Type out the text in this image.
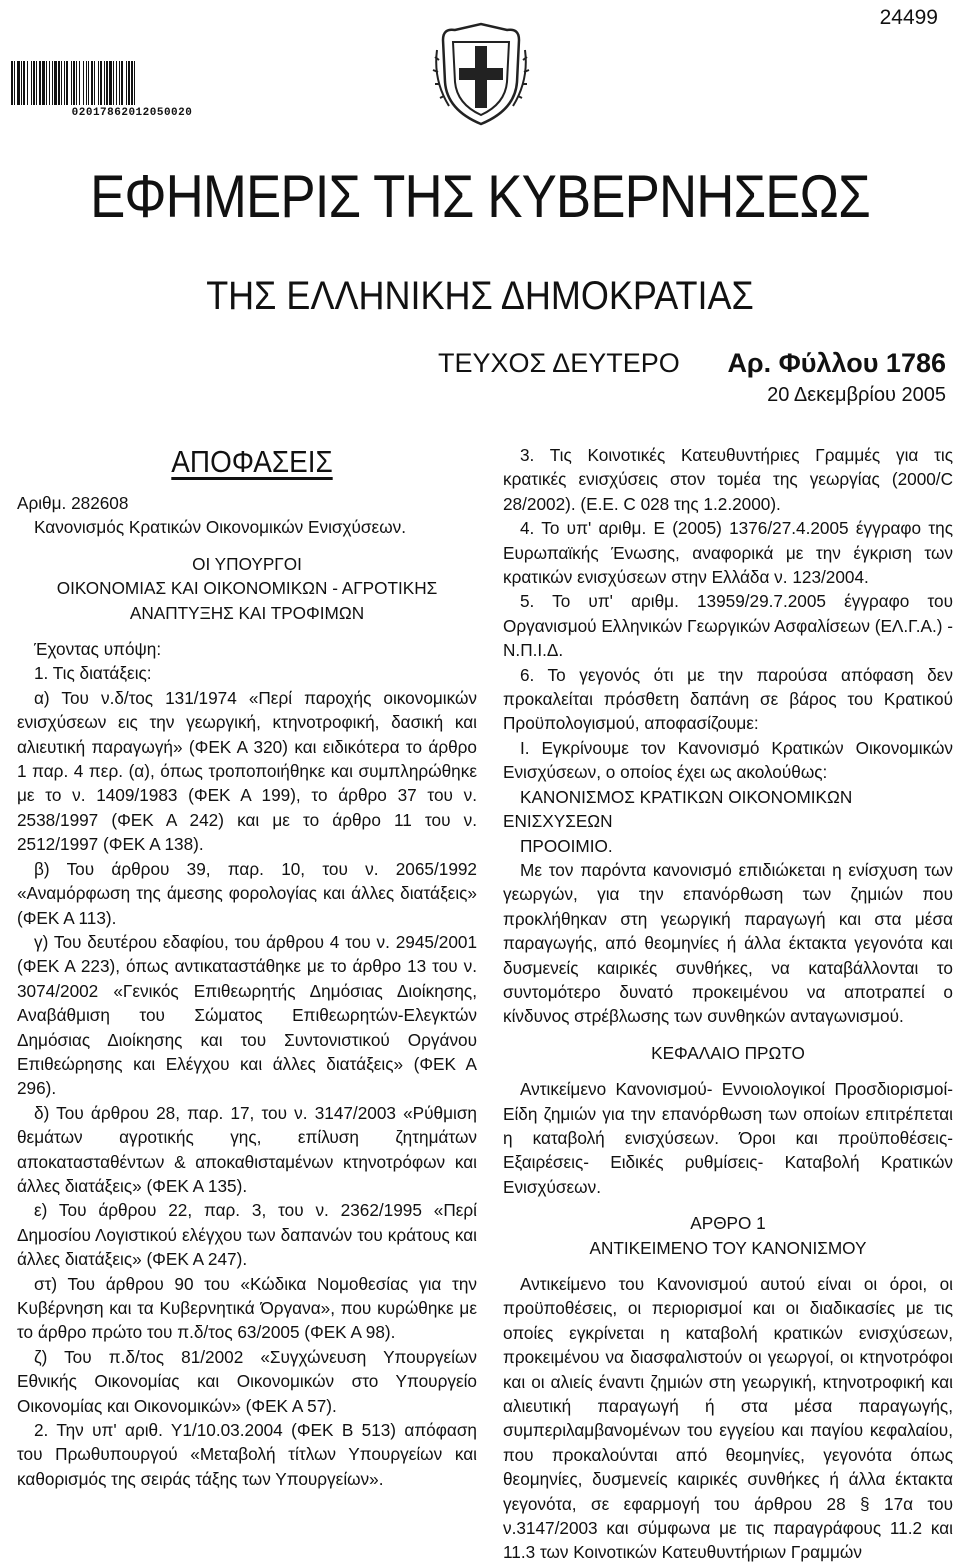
24499
02017862012050020
ΕΦΗΜΕΡΙΣ ΤΗΣ ΚΥΒΕΡΝΗΣΕΩΣ
ΤΗΣ ΕΛΛΗΝΙΚΗΣ ΔΗΜΟΚΡΑΤΙΑΣ
ΤΕΥΧΟΣ ΔΕΥΤΕΡΟ Αρ. Φύλλου 1786
20 Δεκεμβρίου 2005

ΑΠΟΦΑΣΕΙΣ

Αριθμ. 282608

Κανονισμός Κρατικών Οικονομικών Ενισχύσεων.

ΟΙ ΥΠΟΥΡΓΟΙ

ΟΙΚΟΝΟΜΙΑΣ ΚΑΙ ΟΙΚΟΝΟΜΙΚΩΝ - ΑΓΡΟΤΙΚΗΣ

ΑΝΑΠΤΥΞΗΣ ΚΑΙ ΤΡΟΦΙΜΩΝ

Έχοντας υπόψη:

1. Τις διατάξεις:

α) Του ν.δ/τος 131/1974 «Περί παροχής οικονομικών ενισχύσεων εις την γεωργική, κτηνοτροφική, δασική και αλιευτική παραγωγή» (ΦΕΚ Α 320) και ειδικότερα το άρθρο 1 παρ. 4 περ. (α), όπως τροποποιήθηκε και συμπληρώθηκε με το ν. 1409/1983 (ΦΕΚ Α 199), το άρθρο 37 του ν. 2538/1997 (ΦΕΚ Α 242) και με το άρθρο 11 του ν. 2512/1997 (ΦΕΚ Α 138).

β) Του άρθρου 39, παρ. 10, του ν. 2065/1992 «Αναμόρφωση της άμεσης φορολογίας και άλλες διατάξεις» (ΦΕΚ Α 113).

γ) Του δευτέρου εδαφίου, του άρθρου 4 του ν. 2945/2001 (ΦΕΚ Α 223), όπως αντικαταστάθηκε με το άρθρο 13 του ν. 3074/2002 «Γενικός Επιθεωρητής Δημόσιας Διοίκησης, Αναβάθμιση του Σώματος Επιθεωρητών-Ελεγκτών Δημόσιας Διοίκησης και του Συντονιστικού Οργάνου Επιθεώρησης και Ελέγχου και άλλες διατάξεις» (ΦΕΚ Α 296).

δ) Του άρθρου 28, παρ. 17, του ν. 3147/2003 «Ρύθμιση θεμάτων αγροτικής γης, επίλυση ζητημάτων αποκατασταθέντων & αποκαθισταμένων κτηνοτρόφων και άλλες διατάξεις» (ΦΕΚ Α 135).

ε) Του άρθρου 22, παρ. 3, του ν. 2362/1995 «Περί Δημοσίου Λογιστικού ελέγχου των δαπανών του κράτους και άλλες διατάξεις» (ΦΕΚ Α 247).

στ) Του άρθρου 90 του «Κώδικα Νομοθεσίας για την Κυβέρνηση και τα Κυβερνητικά Όργανα», που κυρώθηκε με το άρθρο πρώτο του π.δ/τος 63/2005 (ΦΕΚ Α 98).

ζ) Του π.δ/τος 81/2002 «Συγχώνευση Υπουργείων Εθνικής Οικονομίας και Οικονομικών στο Υπουργείο Οικονομίας και Οικονομικών» (ΦΕΚ Α 57).

2. Την υπ' αριθ. Υ1/10.03.2004 (ΦΕΚ Β 513) απόφαση του Πρωθυπουργού «Μεταβολή τίτλων Υπουργείων και καθορισμός της σειράς τάξης των Υπουργείων».

3. Τις Κοινοτικές Κατευθυντήριες Γραμμές για τις κρατικές ενισχύσεις στον τομέα της γεωργίας (2000/C 28/2002). (Ε.Ε. C 028 της 1.2.2000).

4. Το υπ' αριθμ. Ε (2005) 1376/27.4.2005 έγγραφο της Ευρωπαϊκής Ένωσης, αναφορικά με την έγκριση των κρατικών ενισχύσεων στην Ελλάδα ν. 123/2004.

5. Το υπ' αριθμ. 13959/29.7.2005 έγγραφο του Οργανισμού Ελληνικών Γεωργικών Ασφαλίσεων (ΕΛ.Γ.Α.) - Ν.Π.Ι.Δ.

6. Το γεγονός ότι με την παρούσα απόφαση δεν προκαλείται πρόσθετη δαπάνη σε βάρος του Κρατικού Προϋπολογισμού, αποφασίζουμε:

Ι. Εγκρίνουμε τον Κανονισμό Κρατικών Οικονομικών Ενισχύσεων, ο οποίος έχει ως ακολούθως:

ΚΑΝΟΝΙΣΜΟΣ ΚΡΑΤΙΚΩΝ ΟΙΚΟΝΟΜΙΚΩΝ ΕΝΙΣΧΥΣΕΩΝ

ΠΡΟΟΙΜΙΟ.

Με τον παρόντα κανονισμό επιδιώκεται η ενίσχυση των γεωργών, για την επανόρθωση των ζημιών που προκλήθηκαν στη γεωργική παραγωγή και στα μέσα παραγωγής, από θεομηνίες ή άλλα έκτακτα γεγονότα και δυσμενείς καιρικές συνθήκες, να καταβάλλονται το συντομότερο δυνατό προκειμένου να αποτραπεί ο κίνδυνος στρέβλωσης των συνθηκών ανταγωνισμού.

ΚΕΦΑΛΑΙΟ ΠΡΩΤΟ

Αντικείμενο Κανονισμού- Εννοιολογικοί Προσδιορισμοί- Είδη ζημιών για την επανόρθωση των οποίων επιτρέπεται η καταβολή ενισχύσεων. Όροι και προϋποθέσεις- Εξαιρέσεις- Ειδικές ρυθμίσεις- Καταβολή Κρατικών Ενισχύσεων.

ΑΡΘΡΟ 1

ΑΝΤΙΚΕΙΜΕΝΟ ΤΟΥ ΚΑΝΟΝΙΣΜΟΥ

Αντικείμενο του Κανονισμού αυτού είναι οι όροι, οι προϋποθέσεις, οι περιορισμοί και οι διαδικασίες με τις οποίες εγκρίνεται η καταβολή κρατικών ενισχύσεων, προκειμένου να διασφαλιστούν οι γεωργοί, οι κτηνοτρόφοι και οι αλιείς έναντι ζημιών στη γεωργική, κτηνοτροφική και αλιευτική παραγωγή ή στα μέσα παραγωγής, συμπεριλαμβανομένων του εγγείου και παγίου κεφαλαίου, που προκαλούνται από θεομηνίες, γεγονότα όπως θεομηνίες, δυσμενείς καιρικές συνθήκες ή άλλα έκτακτα γεγονότα, σε εφαρμογή του άρθρου 28 § 17α του ν.3147/2003 και σύμφωνα με τις παραγράφους 11.2 και 11.3 των Κοινοτικών Κατευθυντήριων Γραμμών
